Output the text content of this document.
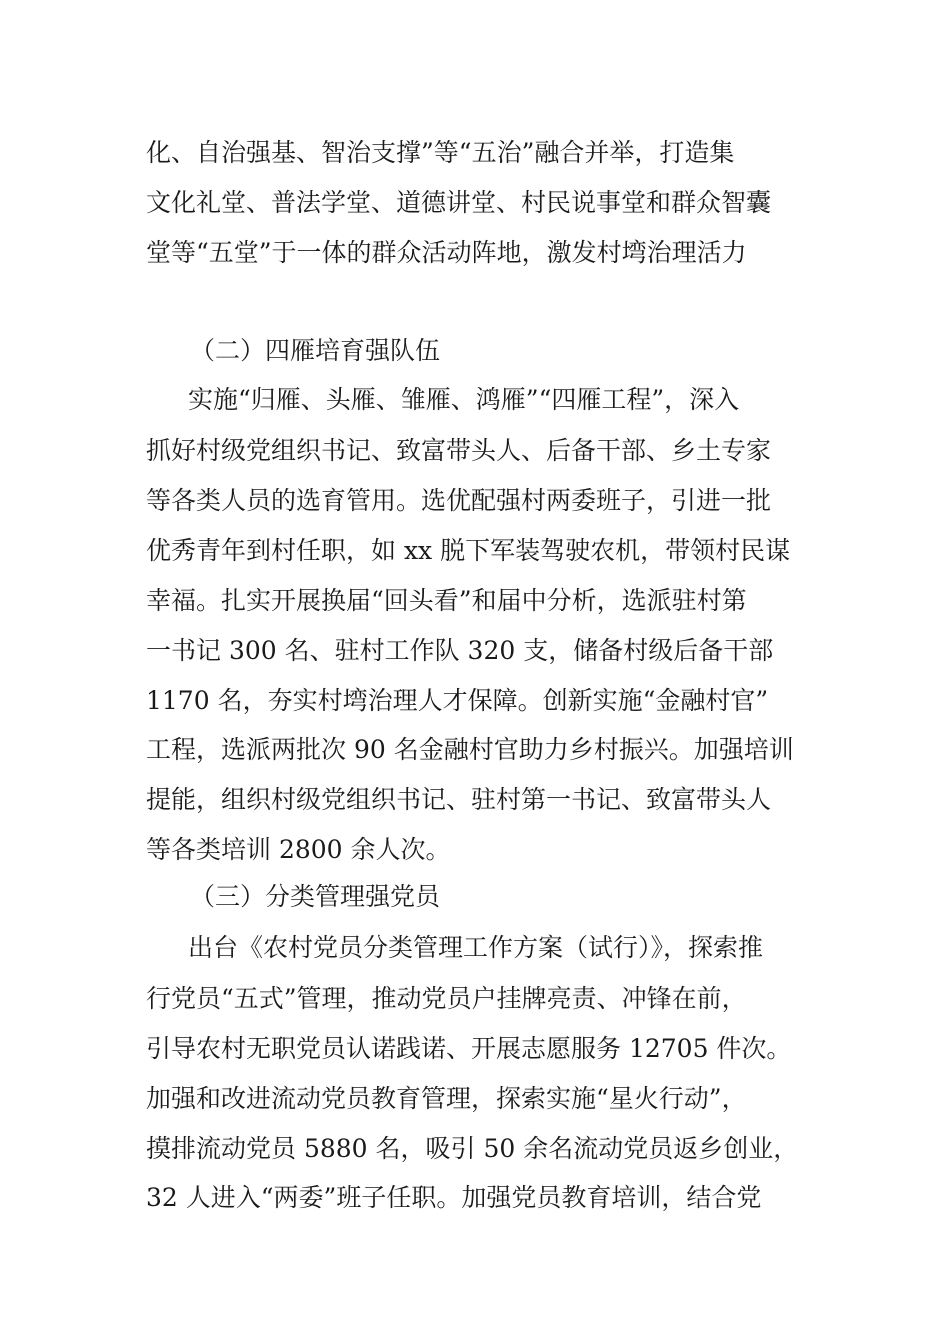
化、自治强基、智治支撑”等“五治”融合并举，打造集
文化礼堂、普法学堂、道德讲堂、村民说事堂和群众智囊
堂等“五堂”于一体的群众活动阵地，激发村塆治理活力
（二）四雁培育强队伍
实施“归雁、头雁、雏雁、鸿雁”“四雁工程”，深入
抓好村级党组织书记、致富带头人、后备干部、乡土专家
等各类人员的选育管用。选优配强村两委班子，引进一批
优秀青年到村任职，如 xx 脱下军装驾驶农机，带领村民谋
幸福。扎实开展换届“回头看”和届中分析，选派驻村第
一书记 300 名、驻村工作队 320 支，储备村级后备干部
1170 名，夯实村塆治理人才保障。创新实施“金融村官”
工程，选派两批次 90 名金融村官助力乡村振兴。加强培训
提能，组织村级党组织书记、驻村第一书记、致富带头人
等各类培训 2800 余人次。
（三）分类管理强党员
出台《农村党员分类管理工作方案（试行）》，探索推
行党员“五式”管理，推动党员户挂牌亮责、冲锋在前，
引导农村无职党员认诺践诺、开展志愿服务 12705 件次。
加强和改进流动党员教育管理，探索实施“星火行动”，
摸排流动党员 5880 名，吸引 50 余名流动党员返乡创业，
32 人进入“两委”班子任职。加强党员教育培训，结合党
